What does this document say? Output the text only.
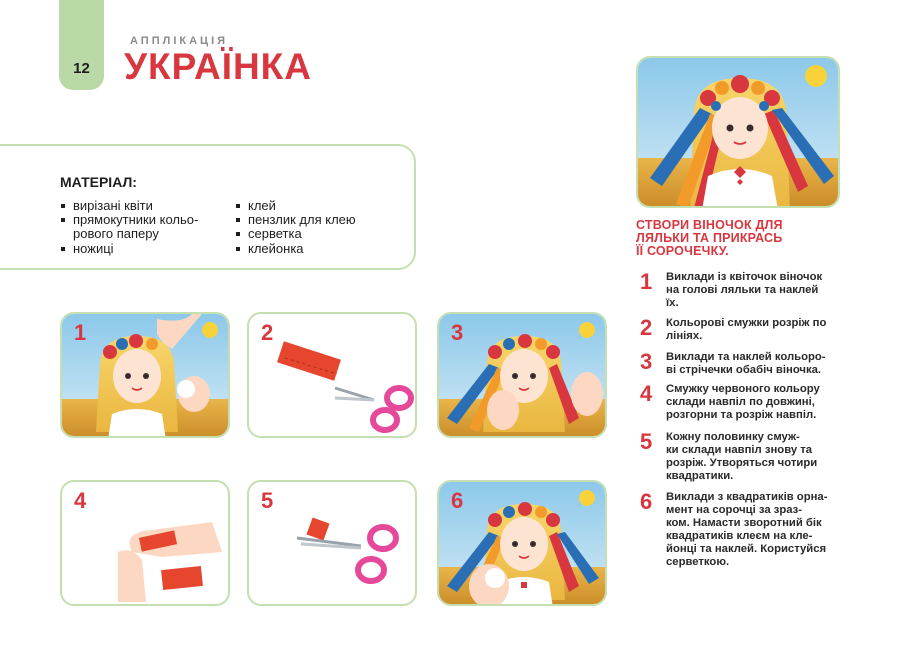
12
АППЛІКАЦІЯ
УКРАЇНКА

МАТЕРІАЛ:

вирізані квіти
прямокутники кольо-
рового паперу
ножиці
клей
пензлик для клею
серветка
клейонка
1	2	3
4	5	6
СТВОРИ ВІНОЧОК ДЛЯ
ЛЯЛЬКИ ТА ПРИКРАСЬ
ЇЇ СОРОЧЕЧКУ.
1 Виклади із квіточок віночок
на голові ляльки та наклей
їх.
2 Кольорові смужки розріж по
лініях.
3 Виклади та наклей кольоро-
ві стрічечки обабіч віночка.
4 Смужку червоного кольору
склади навпіл по довжині,
розгорни та розріж навпіл.
5 Кожну половинку смуж-
ки склади навпіл знову та
розріж. Утворяться чотири
квадратики.
6 Виклади з квадратиків орна-
мент на сорочці за зраз-
ком. Намасти зворотний бік
квадратиків клеєм на кле-
йонці та наклей. Користуйся
серветкою.
